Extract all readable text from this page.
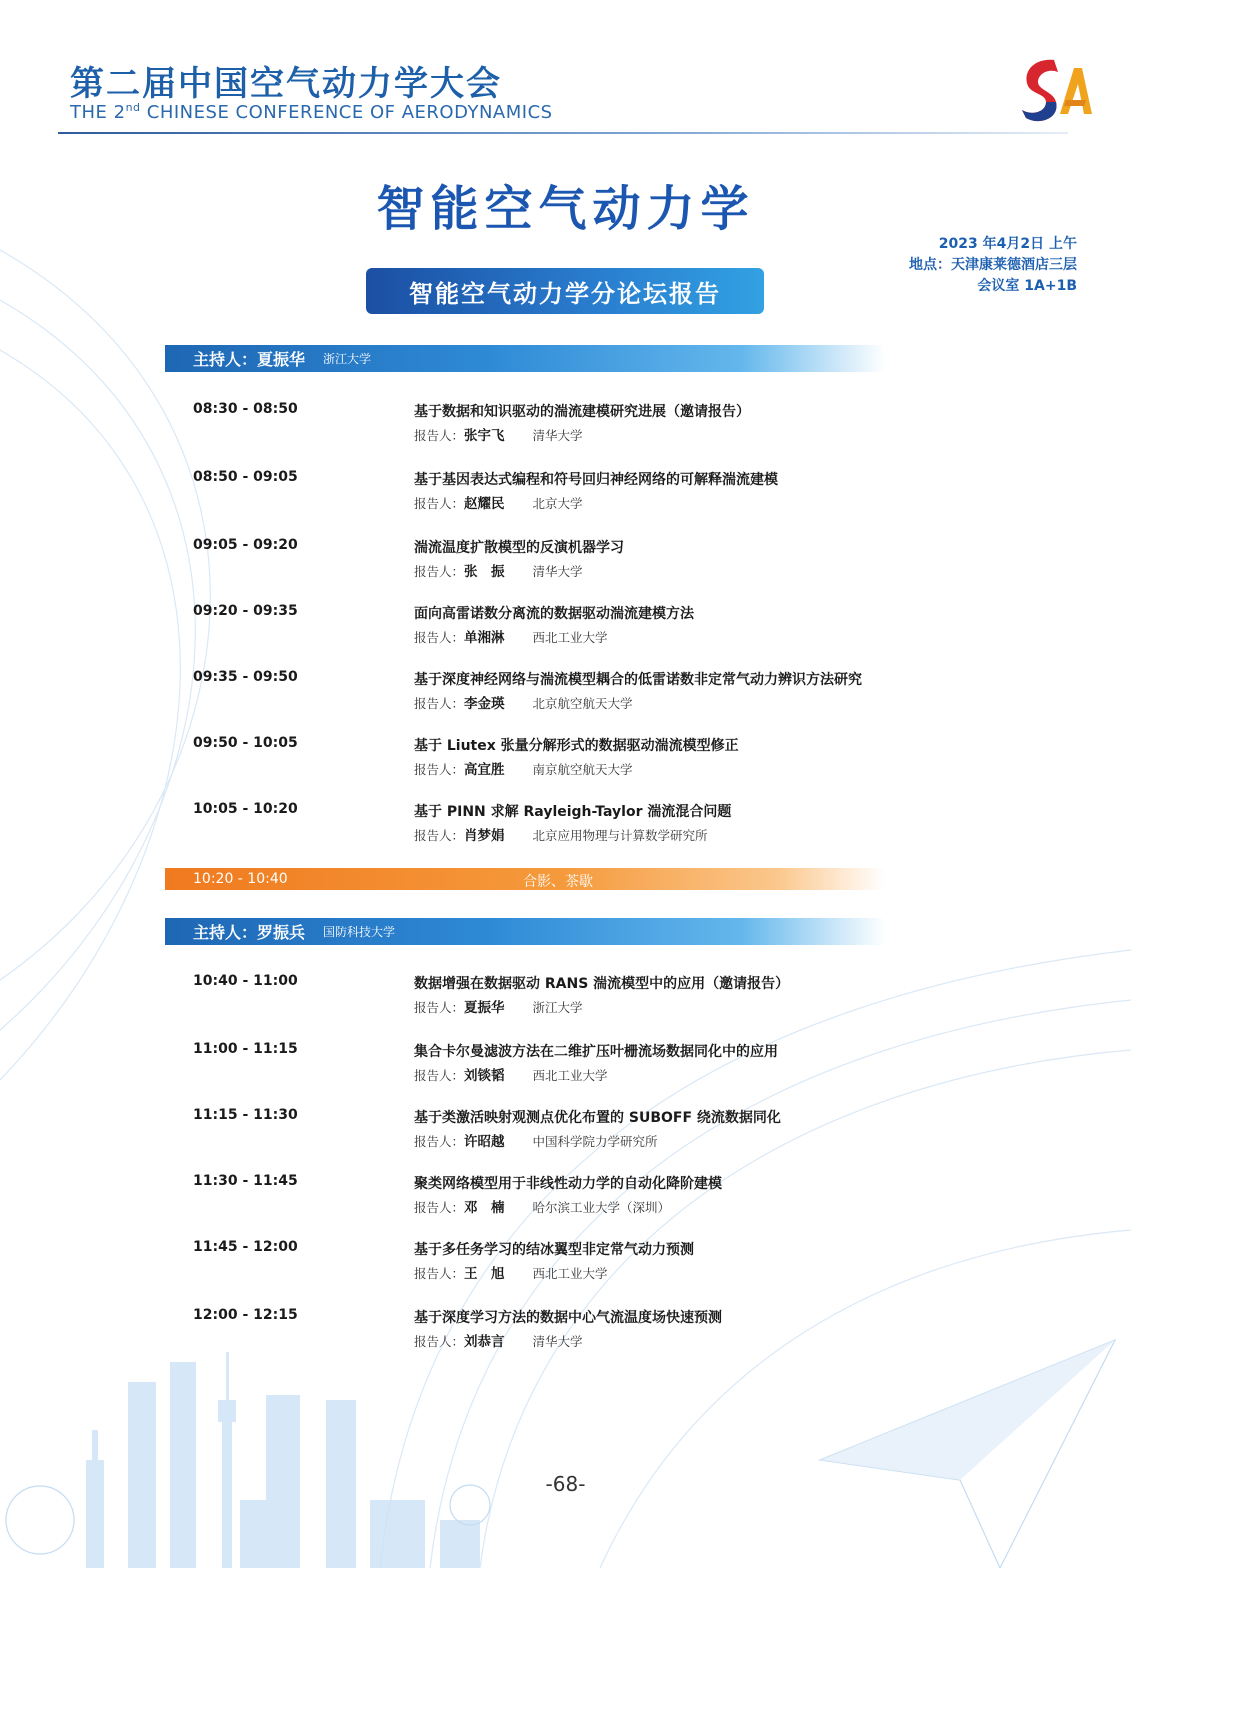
第二届中国空气动力学大会
THE 2nd CHINESE CONFERENCE OF AERODYNAMICS
智能空气动力学
2023 年4月2日 上午
地点：天津康莱德酒店三层
会议室 1A+1B
智能空气动力学分论坛报告
主持人： 夏振华 浙江大学
08:30 - 08:50	基于数据和知识驱动的湍流建模研究进展（邀请报告）
报告人：张宇飞　 清华大学
08:50 - 09:05	基于基因表达式编程和符号回归神经网络的可解释湍流建模
报告人：赵耀民　 北京大学
09:05 - 09:20	湍流温度扩散模型的反演机器学习
报告人：张　振　 清华大学
09:20 - 09:35	面向高雷诺数分离流的数据驱动湍流建模方法
报告人：单湘淋　 西北工业大学
09:35 - 09:50	基于深度神经网络与湍流模型耦合的低雷诺数非定常气动力辨识方法研究
报告人：李金瑛　 北京航空航天大学
09:50 - 10:05	基于 Liutex 张量分解形式的数据驱动湍流模型修正
报告人：高宜胜　 南京航空航天大学
10:05 - 10:20	基于 PINN 求解 Rayleigh-Taylor 湍流混合问题
报告人：肖梦娟　 北京应用物理与计算数学研究所
10:20 - 10:40	合影、茶歇
主持人： 罗振兵 国防科技大学
10:40 - 11:00	数据增强在数据驱动 RANS 湍流模型中的应用（邀请报告）
报告人：夏振华　 浙江大学
11:00 - 11:15	集合卡尔曼滤波方法在二维扩压叶栅流场数据同化中的应用
报告人：刘锬韬　 西北工业大学
11:15 - 11:30	基于类激活映射观测点优化布置的 SUBOFF 绕流数据同化
报告人：许昭越　 中国科学院力学研究所
11:30 - 11:45	聚类网络模型用于非线性动力学的自动化降阶建模
报告人：邓　楠　 哈尔滨工业大学（深圳）
11:45 - 12:00	基于多任务学习的结冰翼型非定常气动力预测
报告人：王　旭　 西北工业大学
12:00 - 12:15	基于深度学习方法的数据中心气流温度场快速预测
报告人：刘恭言　 清华大学
-68-
